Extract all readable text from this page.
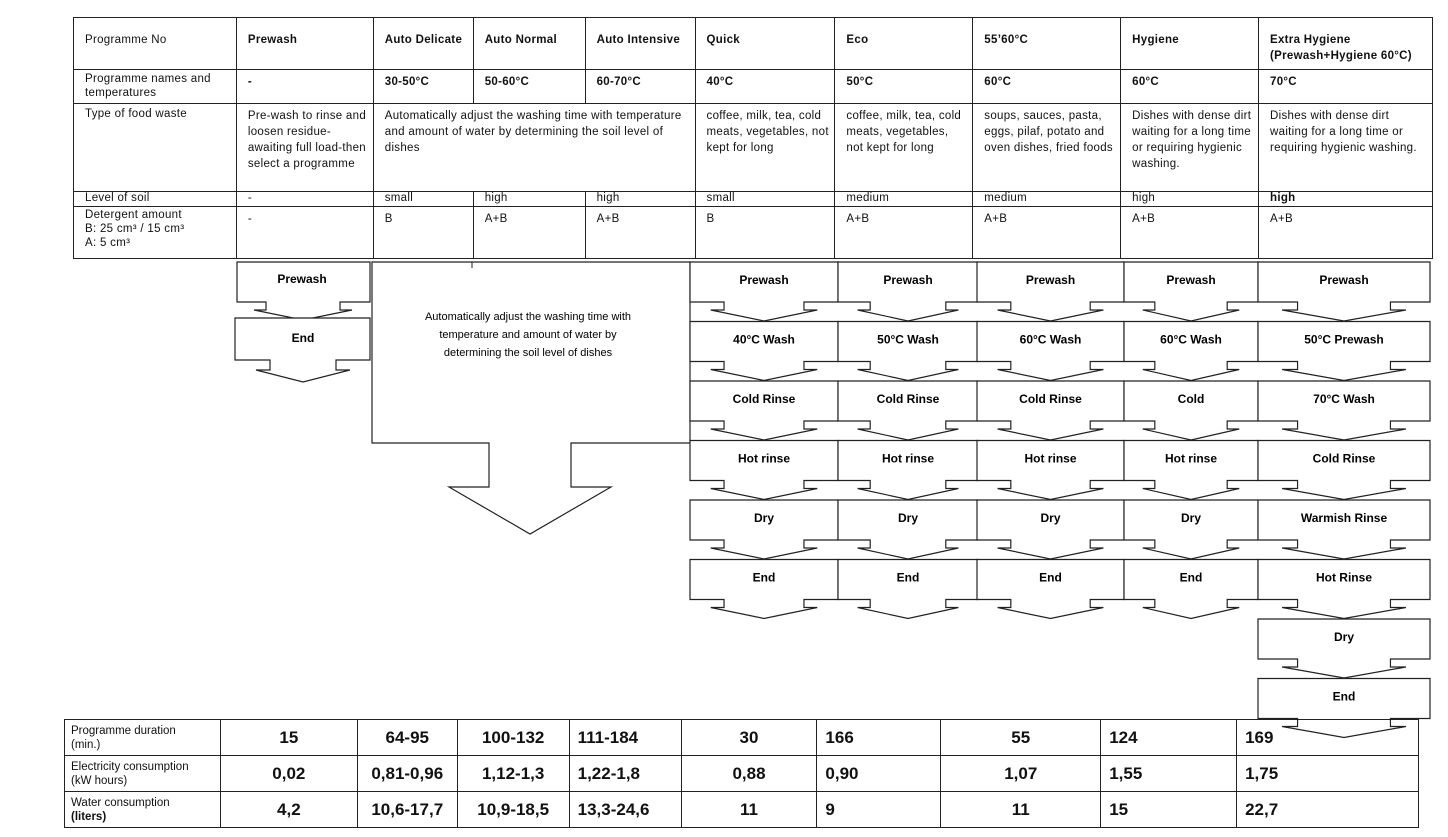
Programme No	Prewash	Auto Delicate	Auto Normal	Auto Intensive	Quick	Eco	55’60°C	Hygiene	Extra Hygiene (Prewash+Hygiene 60°C)
Programme names and temperatures	-	30-50°C	50-60°C	60-70°C	40°C	50°C	60°C	60°C	70°C
Type of food waste	Pre-wash to rinse and loosen residue-awaiting full load-then select a programme	Automatically adjust the washing time with temperature and amount of water by determining the soil level of dishes			coffee, milk, tea, cold meats, vegetables, not kept for long	coffee, milk, tea, cold meats, vegetables, not kept for long	soups, sauces, pasta, eggs, pilaf, potato and oven dishes, fried foods	Dishes with dense dirt waiting for a long time or requiring hygienic washing.	Dishes with dense dirt waiting for a long time or requiring hygienic washing.
Level of soil	-	small	high	high	small	medium	medium	high	high

Detergent amount
B: 25 cm³ / 15 cm³
A: 5 cm³	-	B	A+B	A+B	B	A+B	A+B	A+B	A+B
Prewash
End
Automatically adjust the washing time with
temperature and amount of water by
determining the soil level of dishes
Prewash
40°C Wash
Cold Rinse
Hot rinse
Dry
End
Prewash
50°C Wash
Cold Rinse
Hot rinse
Dry
End
Prewash
60°C Wash
Cold Rinse
Hot rinse
Dry
End
Prewash
60°C Wash
Cold
Hot rinse
Dry
End
Prewash
50°C Prewash
70°C Wash
Cold Rinse
Warmish Rinse
Hot Rinse
Dry
End
Programme duration
(min.)	15	64-95	100-132	111-184	30	166	55	124	169

Electricity consumption
(kW hours)	0,02	0,81-0,96	1,12-1,3	1,22-1,8	0,88	0,90	1,07	1,55	1,75

Water consumption
(liters)	4,2	10,6-17,7	10,9-18,5	13,3-24,6	11	9	11	15	22,7
